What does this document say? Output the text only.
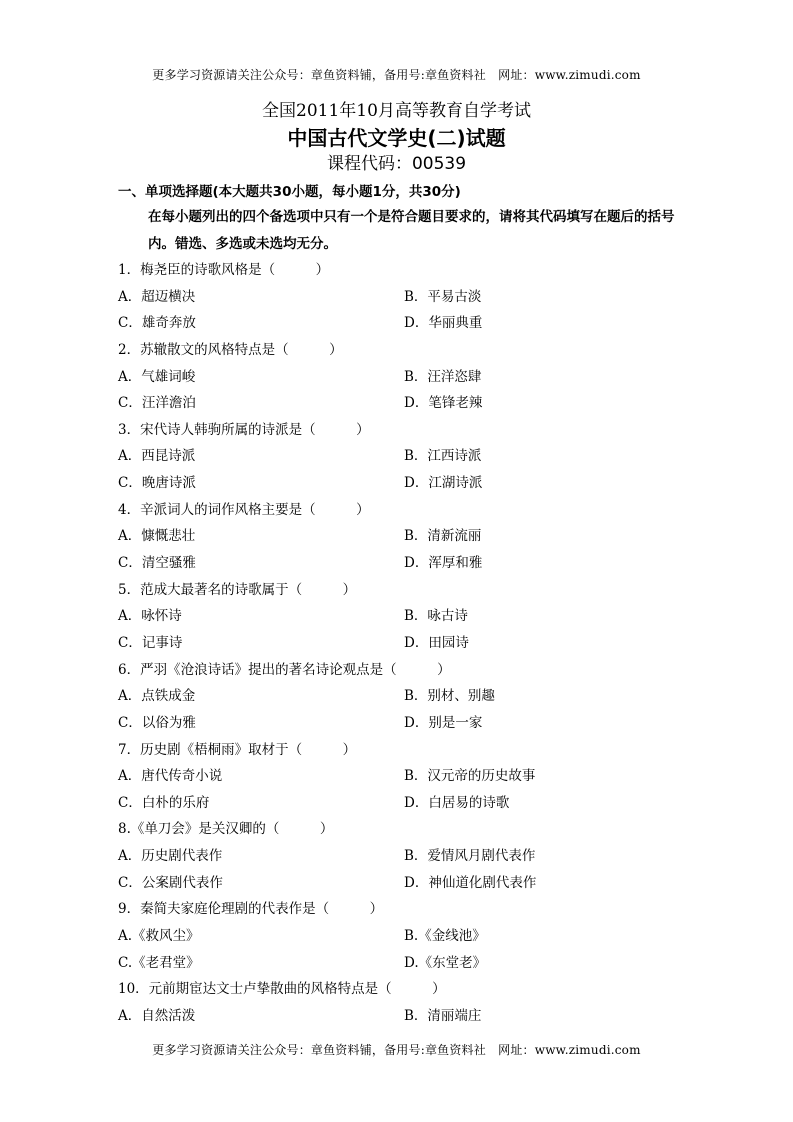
更多学习资源请关注公众号：章鱼资料铺，备用号:章鱼资料社　网址：www.zimudi.com
全国2011年10月高等教育自学考试
中国古代文学史(二)试题
课程代码：00539
一、单项选择题(本大题共30小题，每小题1分，共30分)
在每小题列出的四个备选项中只有一个是符合题目要求的，请将其代码填写在题后的括号内。错选、多选或未选均无分。
1．梅尧臣的诗歌风格是（　　　）
A．超迈横决	B．平易古淡
C．雄奇奔放	D．华丽典重
2．苏辙散文的风格特点是（　　　）
A．气雄词峻	B．汪洋恣肆
C．汪洋澹泊	D．笔锋老辣
3．宋代诗人韩驹所属的诗派是（　　　）
A．西昆诗派	B．江西诗派
C．晚唐诗派	D．江湖诗派
4．辛派词人的词作风格主要是（　　　）
A．慷慨悲壮	B．清新流丽
C．清空骚雅	D．浑厚和雅
5．范成大最著名的诗歌属于（　　　）
A．咏怀诗	B．咏古诗
C．记事诗	D．田园诗
6．严羽《沧浪诗话》提出的著名诗论观点是（　　　）
A．点铁成金	B．别材、别趣
C．以俗为雅	D．别是一家
7．历史剧《梧桐雨》取材于（　　　）
A．唐代传奇小说	B．汉元帝的历史故事
C．白朴的乐府	D．白居易的诗歌
8.《单刀会》是关汉卿的（　　　）
A．历史剧代表作	B．爱情风月剧代表作
C．公案剧代表作	D．神仙道化剧代表作
9．秦简夫家庭伦理剧的代表作是（　　　）
A.《救风尘》	B.《金线池》
C.《老君堂》	D.《东堂老》
10．元前期宦达文士卢挚散曲的风格特点是（　　　）
A．自然活泼	B．清丽端庄
更多学习资源请关注公众号：章鱼资料铺，备用号:章鱼资料社　网址：www.zimudi.com
